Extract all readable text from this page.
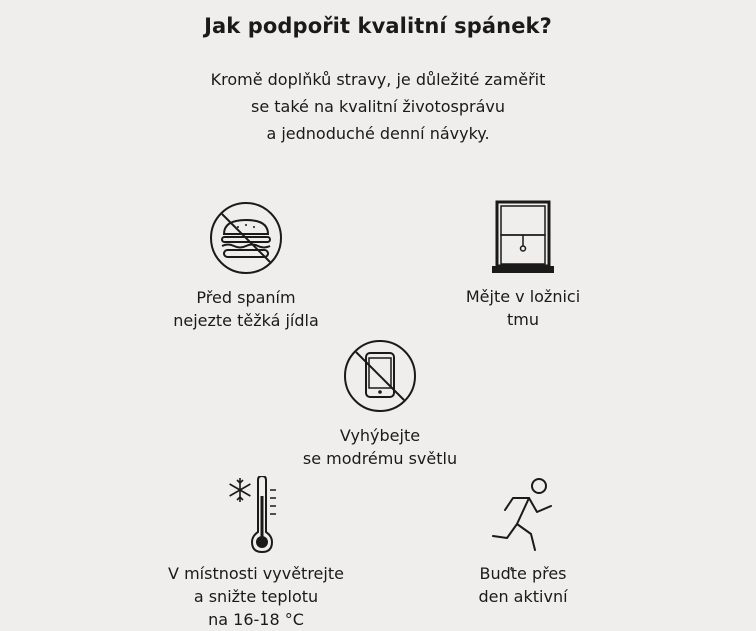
Jak podpořit kvalitní spánek?
Kromě doplňků stravy, je důležité zaměřit
se také na kvalitní životosprávu
a jednoduché denní návyky.
Před spaním
nejezte těžká jídla
Mějte v ložnici
tmu
Vyhýbejte
se modrému světlu
V místnosti vyvětrejte
a snižte teplotu
na 16-18 °C
Buďte přes
den aktivní
